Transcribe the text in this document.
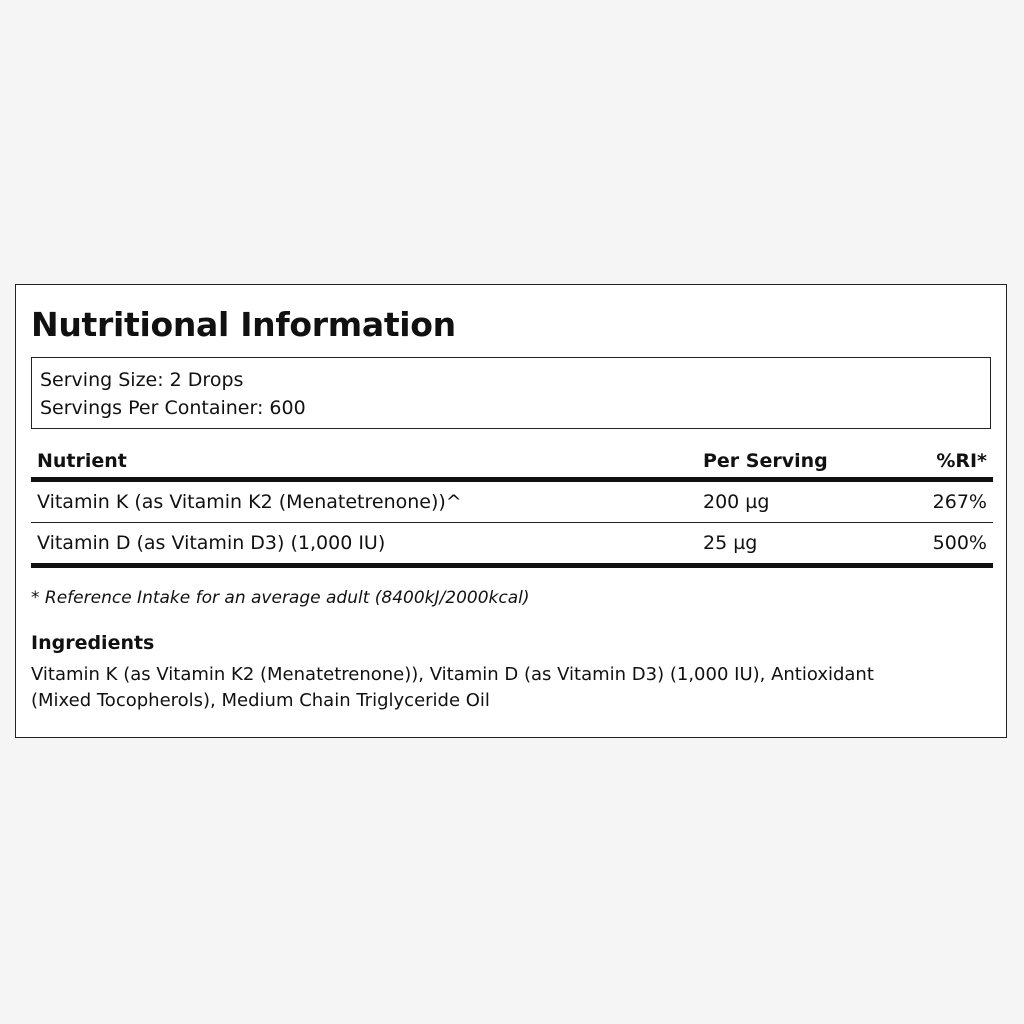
Nutritional Information
Serving Size: 2 Drops
Servings Per Container: 600
Nutrient	Per Serving	%RI*
Vitamin K (as Vitamin K2 (Menatetrenone))^	200 µg	267%
Vitamin D (as Vitamin D3) (1,000 IU)	25 µg	500%
* Reference Intake for an average adult (8400kJ/2000kcal)
Ingredients
Vitamin K (as Vitamin K2 (Menatetrenone)), Vitamin D (as Vitamin D3) (1,000 IU), Antioxidant (Mixed Tocopherols), Medium Chain Triglyceride Oil
